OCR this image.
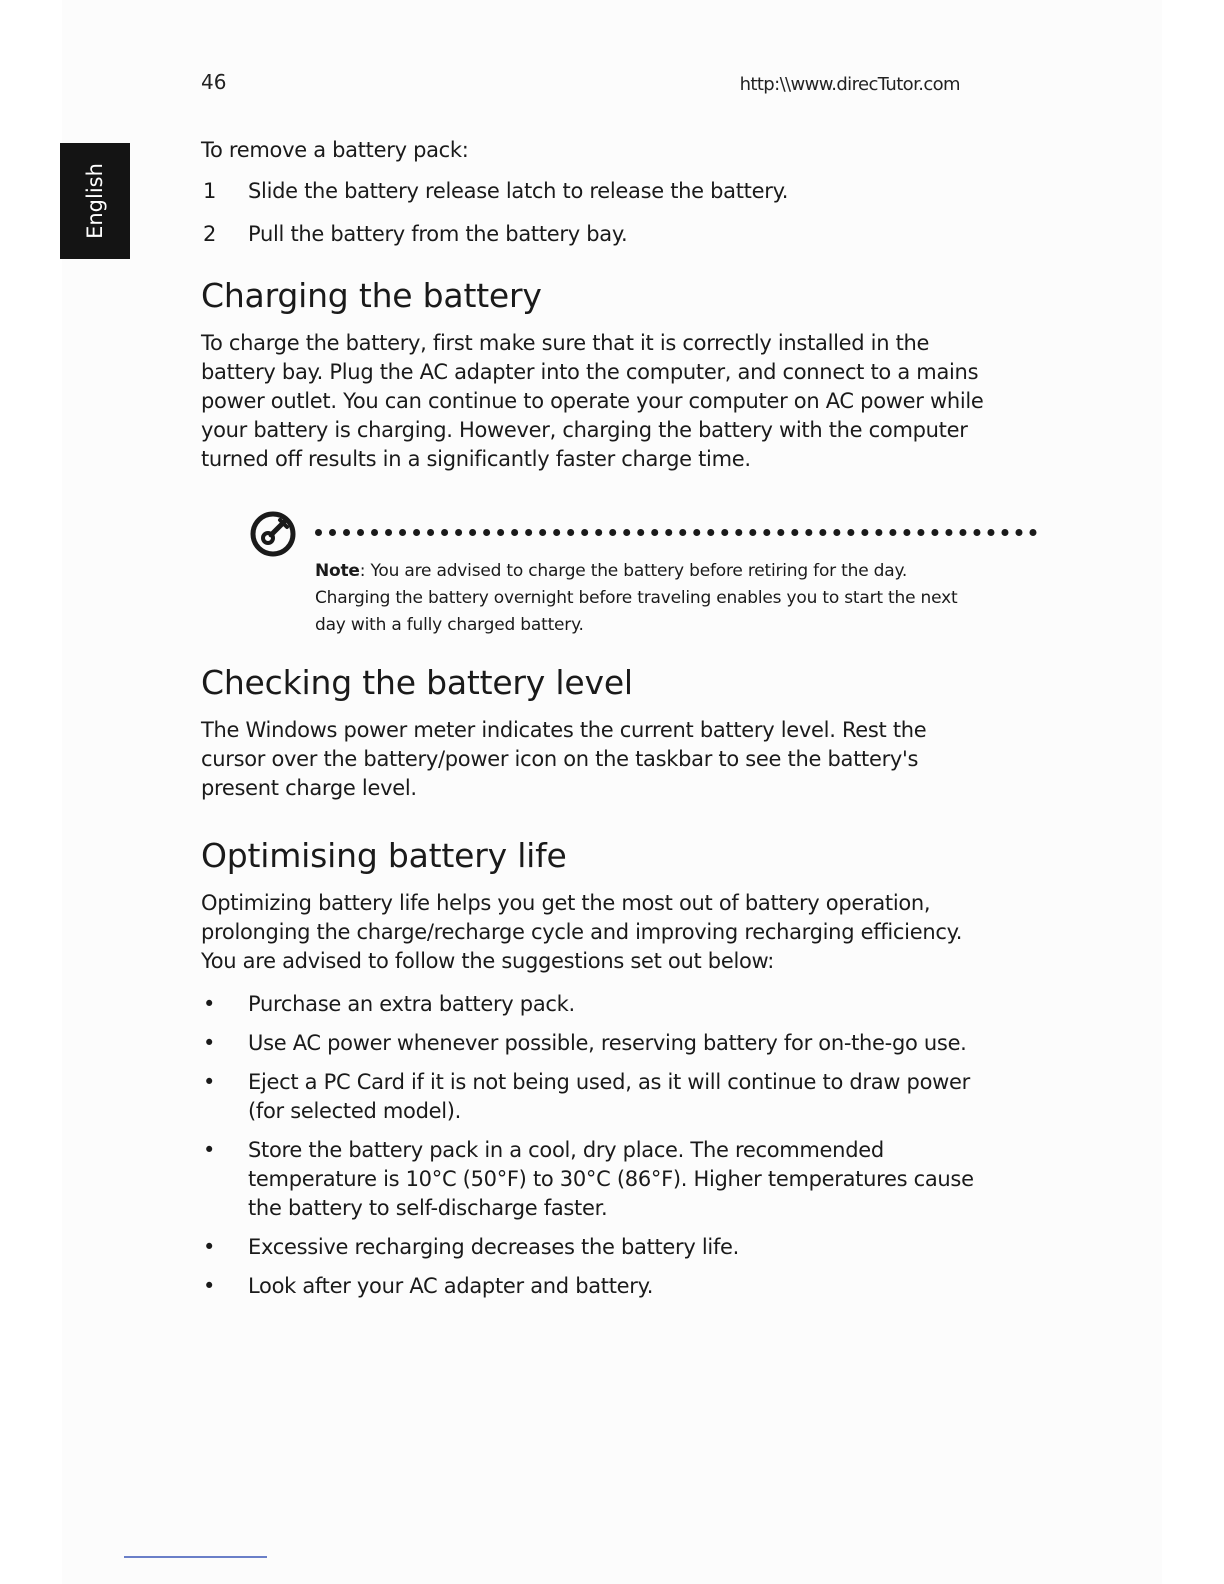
English
46	http:\\www.direcTutor.com

To remove a battery pack:

1 Slide the battery release latch to release the battery.
2 Pull the battery from the battery bay.
Charging the battery

To charge the battery, first make sure that it is correctly installed in the battery bay. Plug the AC adapter into the computer, and connect to a mains power outlet. You can continue to operate your computer on AC power while your battery is charging. However, charging the battery with the computer turned off results in a significantly faster charge time.

Note: You are advised to charge the battery before retiring for the day. Charging the battery overnight before traveling enables you to start the next day with a fully charged battery.
Checking the battery level

The Windows power meter indicates the current battery level. Rest the cursor over the battery/power icon on the taskbar to see the battery's present charge level.

Optimising battery life

Optimizing battery life helps you get the most out of battery operation, prolonging the charge/recharge cycle and improving recharging efficiency. You are advised to follow the suggestions set out below:

• Purchase an extra battery pack.
• Use AC power whenever possible, reserving battery for on-the-go use.
• Eject a PC Card if it is not being used, as it will continue to draw power (for selected model).
• Store the battery pack in a cool, dry place. The recommended temperature is 10°C (50°F) to 30°C (86°F). Higher temperatures cause the battery to self-discharge faster.
• Excessive recharging decreases the battery life.
• Look after your AC adapter and battery.
